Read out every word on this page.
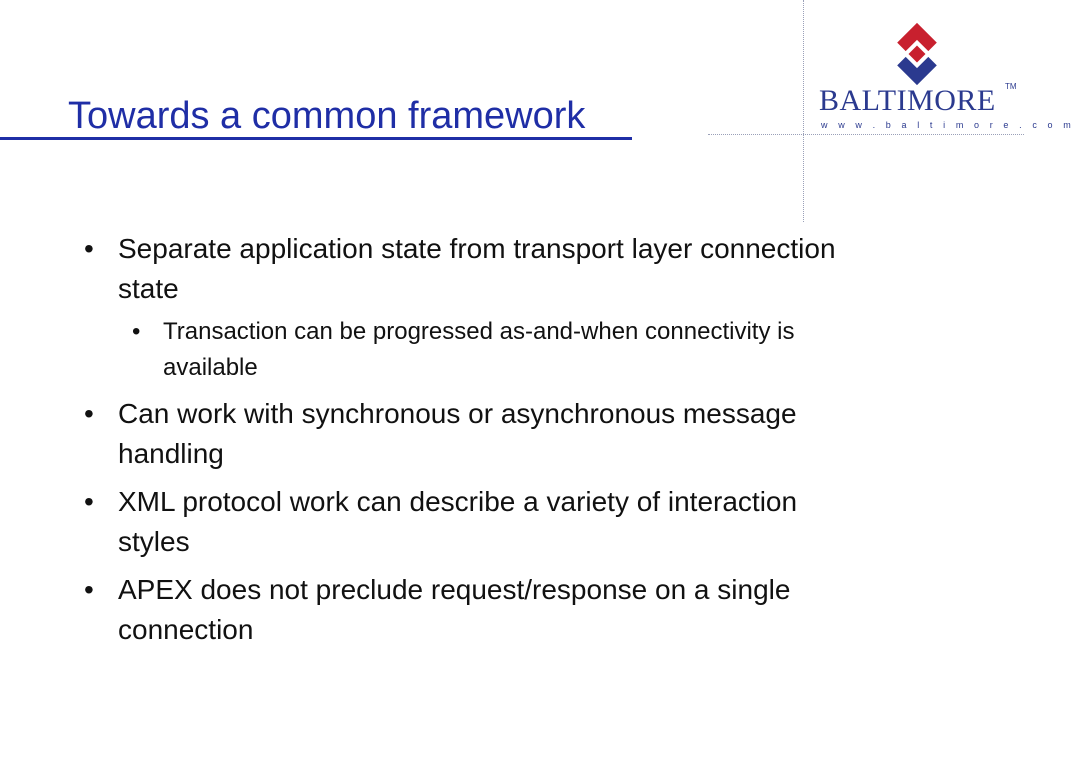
Towards a common framework	BALTIMORE TM
w w w . b a l t i m o r e . c o m
• Separate application state from transport layer connection state
• Transaction can be progressed as-and-when connectivity is available
• Can work with synchronous or asynchronous message handling
• XML protocol work can describe a variety of interaction styles
• APEX does not preclude request/response on a single connection
